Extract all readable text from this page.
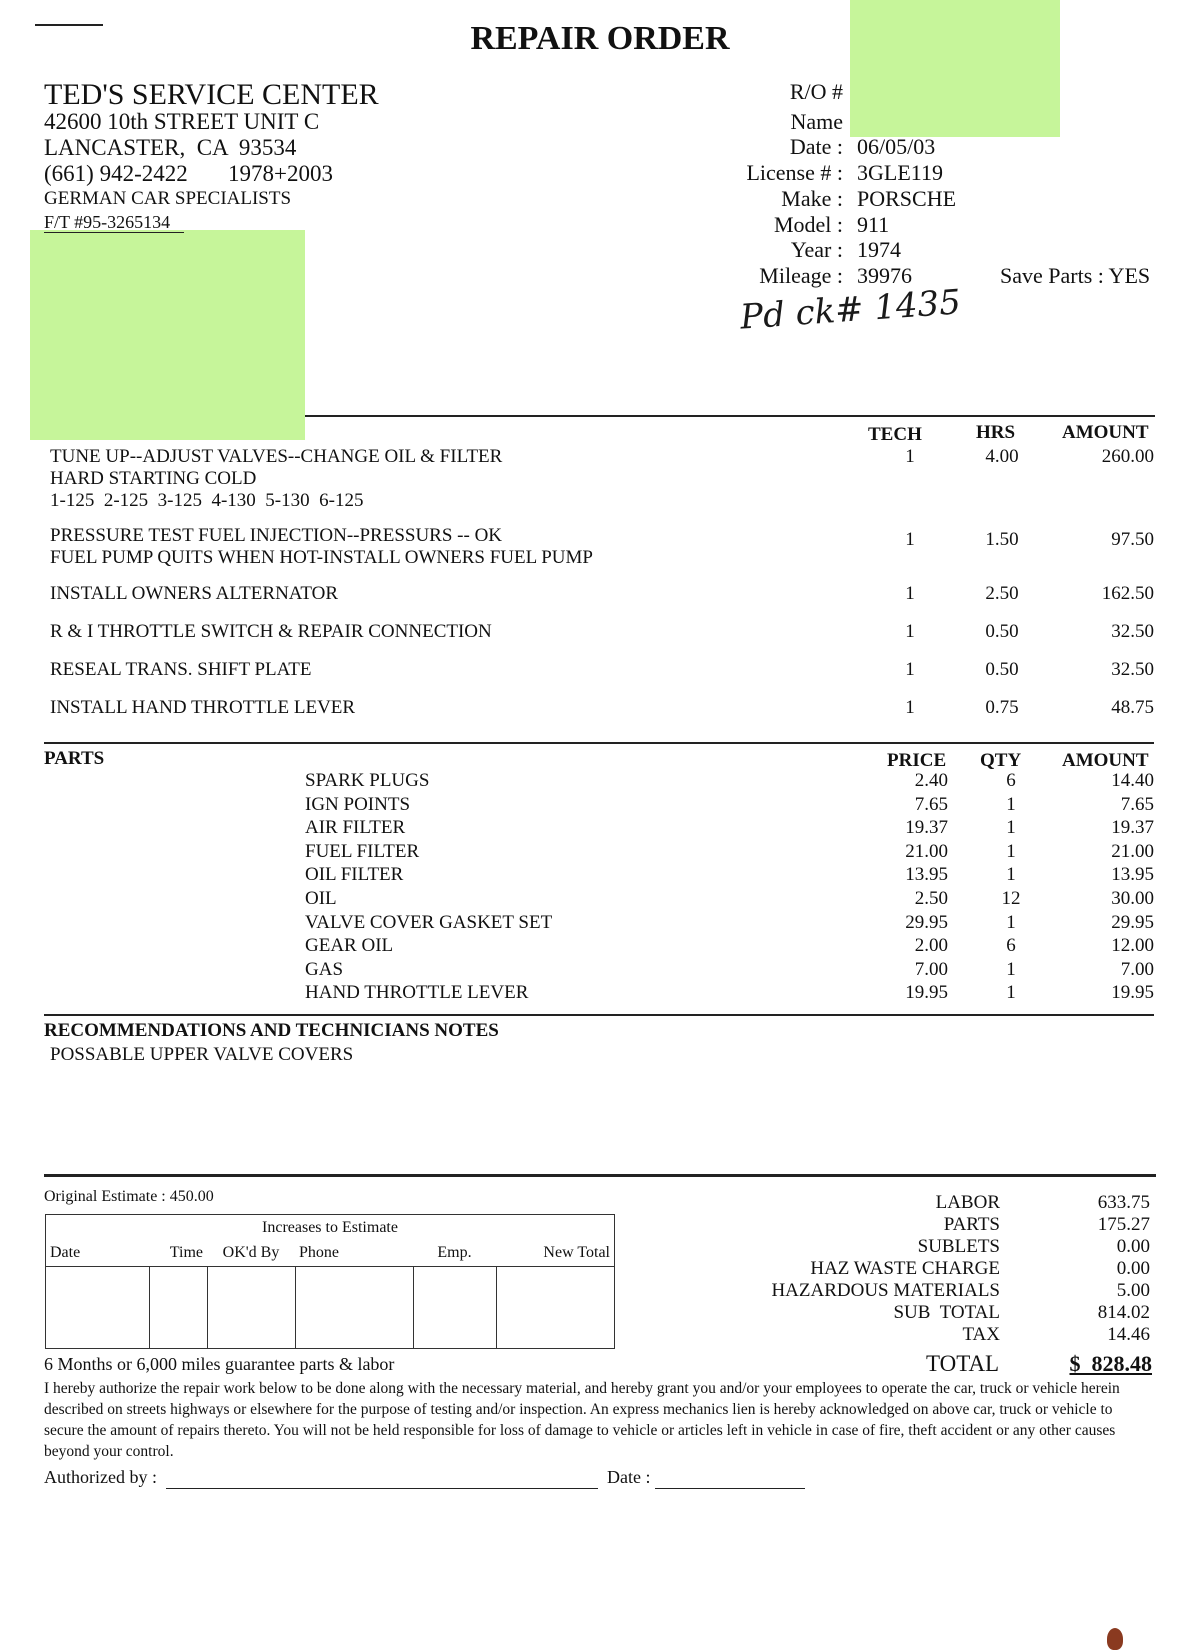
REPAIR ORDER
TED'S SERVICE CENTER
42600 10th STREET UNIT C
LANCASTER,  CA  93534
(661) 942-2422 1978+2003
GERMAN CAR SPECIALISTS
F/T #95-3265134
R/O #
Name
Date : 06/05/03
License # : 3GLE119
Make : PORSCHE
Model : 911
Year : 1974
Mileage : 39976	Save Parts : YES
Pd ck# 1435
TECH	HRS AMOUNT
TUNE UP--ADJUST VALVES--CHANGE OIL & FILTER
HARD STARTING COLD
1-125  2-125  3-125  4-130  5-130  6-125
1	4.00	260.00
PRESSURE TEST FUEL INJECTION--PRESSURS -- OK
FUEL PUMP QUITS WHEN HOT-INSTALL OWNERS FUEL PUMP
1	1.50	97.50
INSTALL OWNERS ALTERNATOR	1	2.50	162.50
R & I THROTTLE SWITCH & REPAIR CONNECTION	1	0.50	32.50
RESEAL TRANS. SHIFT PLATE	1	0.50	32.50
INSTALL HAND THROTTLE LEVER	1	0.75	48.75
PARTS	PRICE QTY AMOUNT
SPARK PLUGS	2.40	6	14.40
IGN POINTS	7.65	1	7.65
AIR FILTER	19.37	1	19.37
FUEL FILTER	21.00	1	21.00
OIL FILTER	13.95	1	13.95
OIL	2.50	12	30.00
VALVE COVER GASKET SET	29.95	1	29.95
GEAR OIL	2.00	6	12.00
GAS	7.00	1	7.00
HAND THROTTLE LEVER	19.95	1	19.95
RECOMMENDATIONS AND TECHNICIANS NOTES
POSSABLE UPPER VALVE COVERS
Original Estimate : 450.00
Increases to Estimate					
Date	Time	OK'd By	Phone	Emp.	New Total

LABOR	633.75
PARTS	175.27
SUBLETS	0.00
HAZ WASTE CHARGE	0.00
HAZARDOUS MATERIALS	5.00
SUB  TOTAL	814.02
TAX	14.46
TOTAL	$  828.48
6 Months or 6,000 miles guarantee parts & labor
I hereby authorize the repair work below to be done along with the necessary material, and hereby grant you and/or your employees to operate the car, truck or vehicle herein described on streets highways or elsewhere for the purpose of testing and/or inspection. An express mechanics lien is hereby acknowledged on above car, truck or vehicle to secure the amount of repairs thereto. You will not be held responsible for loss of damage to vehicle or articles left in vehicle in case of fire, theft accident or any other causes beyond your control.
Authorized by :	Date :
